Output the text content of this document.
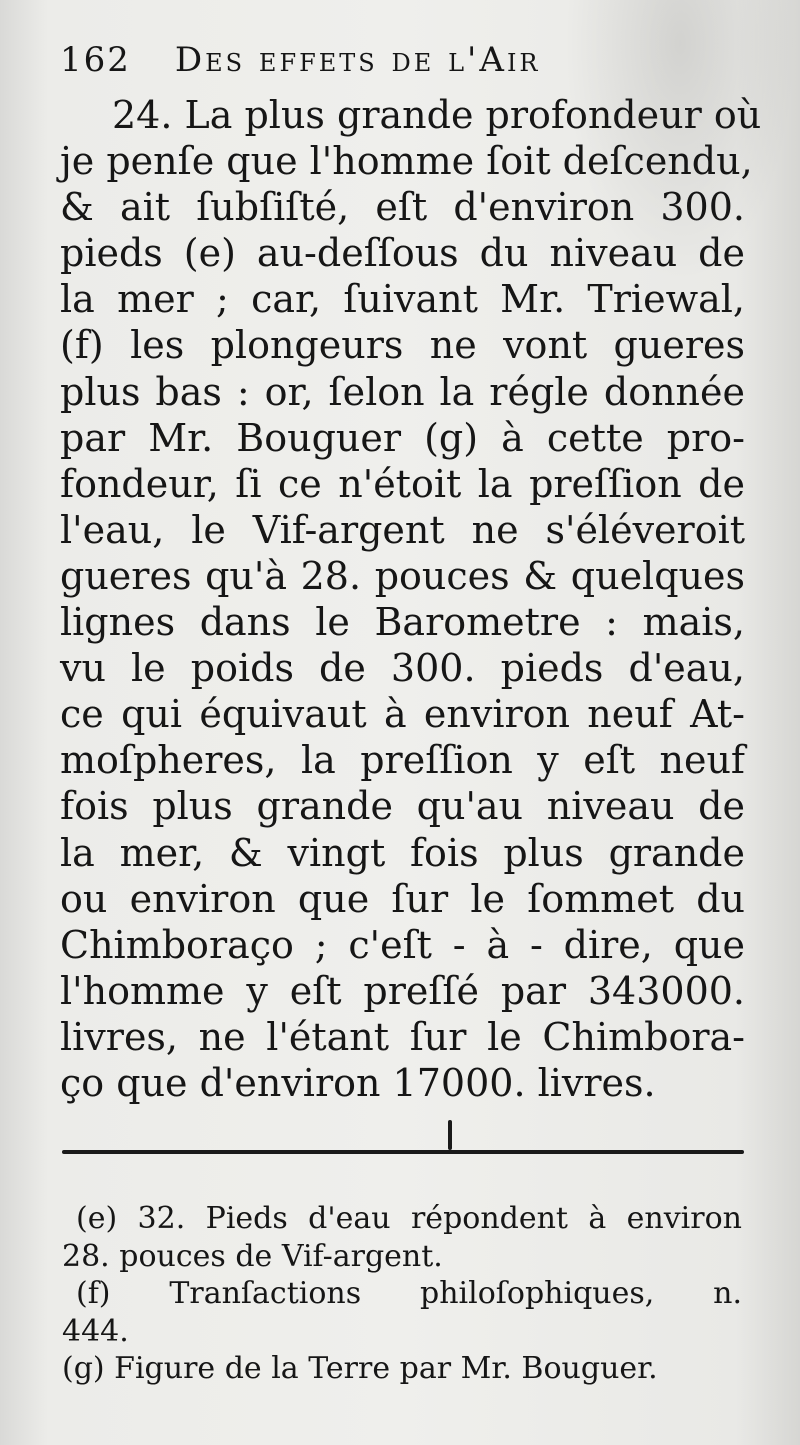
162 Des effets de l'Air
24. La plus grande profondeur où
je penſe que l'homme ſoit deſcendu,
& ait ſubſiſté, eſt d'environ 300.
pieds (e) au-deſſous du niveau de
la mer ; car, ſuivant Mr. Triewal,
(f) les plongeurs ne vont gueres
plus bas : or, ſelon la régle donnée
par Mr. Bouguer (g) à cette pro-
fondeur, ſi ce n'étoit la preſſion de
l'eau, le Vif-argent ne s'éléveroit
gueres qu'à 28. pouces & quelques
lignes dans le Barometre : mais,
vu le poids de 300. pieds d'eau,
ce qui équivaut à environ neuf At-
moſpheres, la preſſion y eſt neuf
fois plus grande qu'au niveau de
la mer, & vingt fois plus grande
ou environ que ſur le ſommet du
Chimboraço ; c'eſt - à - dire, que
l'homme y eſt preſſé par 343000.
livres, ne l'étant ſur le Chimbora-
ço que d'environ 17000. livres.
(e) 32. Pieds d'eau répondent à environ
28. pouces de Vif-argent.
(f) Tranſactions philoſophiques, n.
444.
(g) Figure de la Terre par Mr. Bouguer.
